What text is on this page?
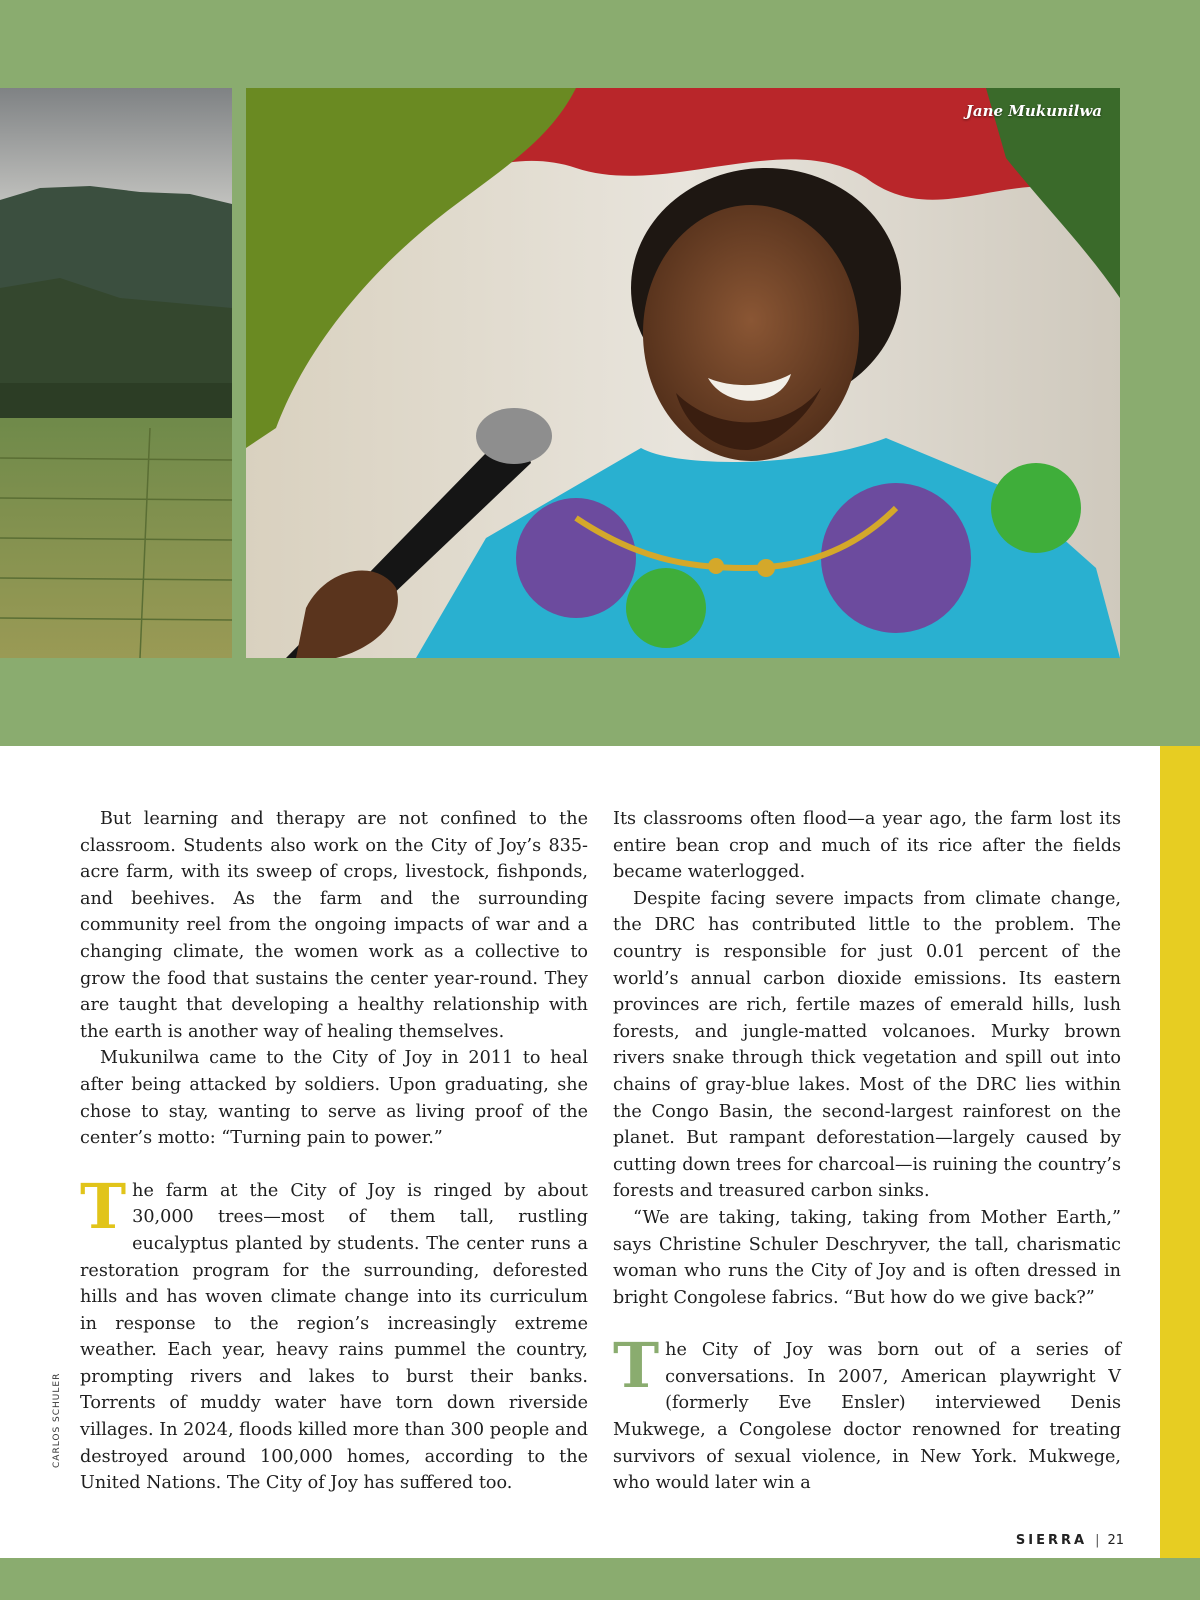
Jane Mukunilwa

But learning and therapy are not confined to the classroom. Students also work on the City of Joy’s 835-acre farm, with its sweep of crops, livestock, fishponds, and beehives. As the farm and the surrounding community reel from the ongoing impacts of war and a changing climate, the women work as a collective to grow the food that sustains the center year-round. They are taught that developing a healthy relationship with the earth is another way of healing themselves.

Mukunilwa came to the City of Joy in 2011 to heal after being attacked by soldiers. Upon graduating, she chose to stay, wanting to serve as living proof of the center’s motto: “Turning pain to power.”

The farm at the City of Joy is ringed by about 30,000 trees—most of them tall, rustling eucalyptus planted by students. The center runs a restoration program for the surrounding, deforested hills and has woven climate change into its curriculum in response to the region’s increasingly extreme weather. Each year, heavy rains pummel the country, prompting rivers and lakes to burst their banks. Torrents of muddy water have torn down riverside villages. In 2024, floods killed more than 300 people and destroyed around 100,000 homes, according to the United Nations. The City of Joy has suffered too.

Its classrooms often flood—a year ago, the farm lost its entire bean crop and much of its rice after the fields became waterlogged.

Despite facing severe impacts from climate change, the DRC has contributed little to the problem. The country is responsible for just 0.01 percent of the world’s annual carbon dioxide emissions. Its eastern provinces are rich, fertile mazes of emerald hills, lush forests, and jungle-matted volcanoes. Murky brown rivers snake through thick vegetation and spill out into chains of gray-blue lakes. Most of the DRC lies within the Congo Basin, the second-largest rainforest on the planet. But rampant deforestation—largely caused by cutting down trees for charcoal—is ruining the country’s forests and treasured carbon sinks.

“We are taking, taking, taking from Mother Earth,” says Christine Schuler Deschryver, the tall, charismatic woman who runs the City of Joy and is often dressed in bright Congolese fabrics. “But how do we give back?”

The City of Joy was born out of a series of conversations. In 2007, American playwright V (formerly Eve Ensler) interviewed Denis Mukwege, a Congolese doctor renowned for treating survivors of sexual violence, in New York. Mukwege, who would later win a

CARLOS SCHULER
SIERRA | 21
